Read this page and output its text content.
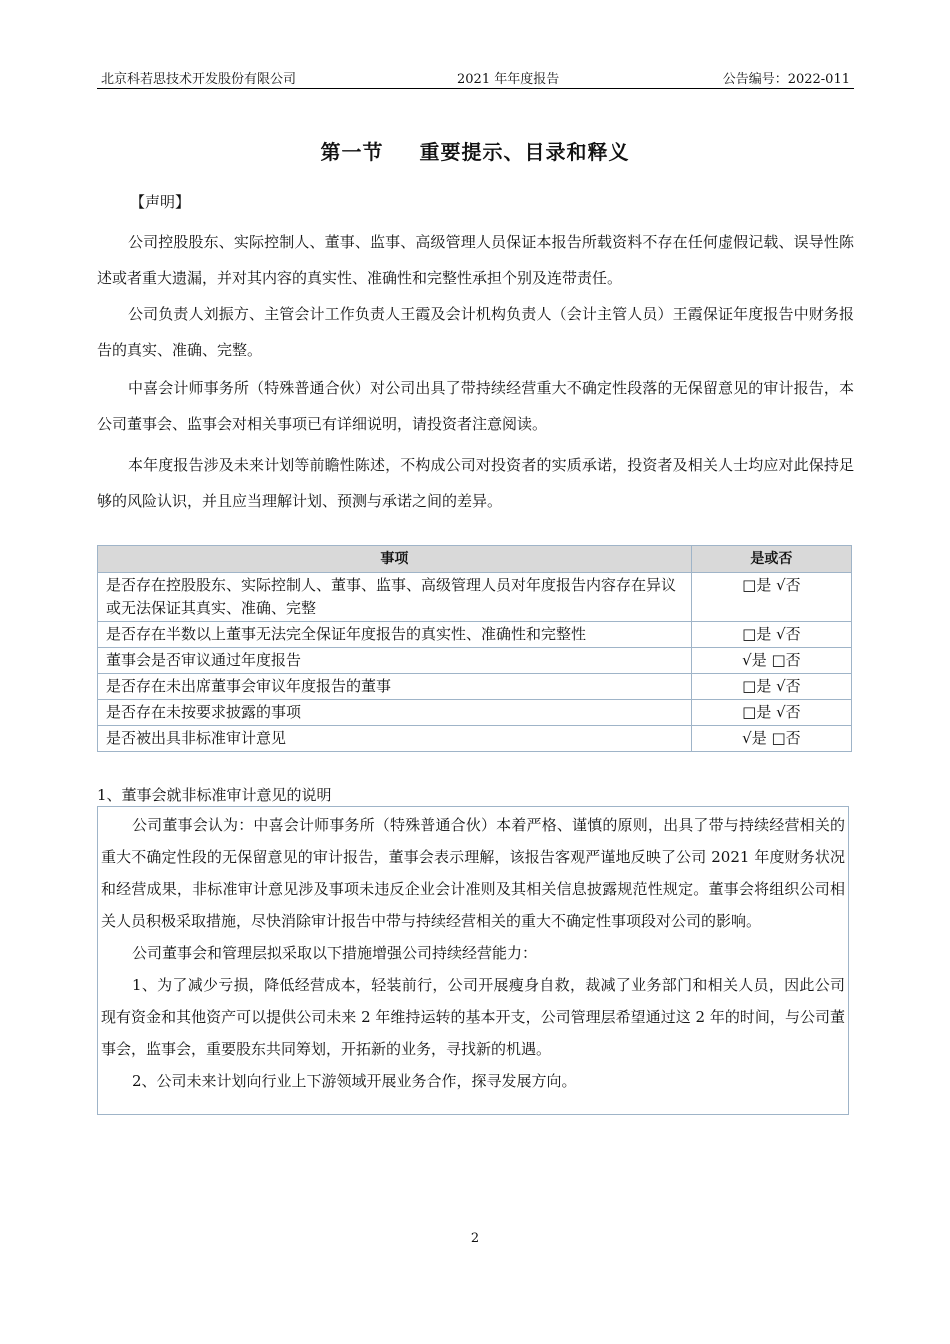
北京科若思技术开发股份有限公司	2021 年年度报告	公告编号：2022-011
第一节 重要提示、目录和释义
【声明】

公司控股股东、实际控制人、董事、监事、高级管理人员保证本报告所载资料不存在任何虚假记载、误导性陈述或者重大遗漏，并对其内容的真实性、准确性和完整性承担个别及连带责任。

公司负责人刘振方、主管会计工作负责人王霞及会计机构负责人（会计主管人员）王霞保证年度报告中财务报告的真实、准确、完整。

中喜会计师事务所（特殊普通合伙）对公司出具了带持续经营重大不确定性段落的无保留意见的审计报告，本公司董事会、监事会对相关事项已有详细说明，请投资者注意阅读。

本年度报告涉及未来计划等前瞻性陈述，不构成公司对投资者的实质承诺，投资者及相关人士均应对此保持足够的风险认识，并且应当理解计划、预测与承诺之间的差异。

事项	是或否
是否存在控股股东、实际控制人、董事、监事、高级管理人员对年度报告内容存在异议或无法保证其真实、准确、完整	□是 √否
是否存在半数以上董事无法完全保证年度报告的真实性、准确性和完整性	□是 √否
董事会是否审议通过年度报告	√是 □否
是否存在未出席董事会审议年度报告的董事	□是 √否
是否存在未按要求披露的事项	□是 √否
是否被出具非标准审计意见	√是 □否
1、董事会就非标准审计意见的说明

公司董事会认为：中喜会计师事务所（特殊普通合伙）本着严格、谨慎的原则，出具了带与持续经营相关的重大不确定性段的无保留意见的审计报告，董事会表示理解，该报告客观严谨地反映了公司 2021 年度财务状况和经营成果，非标准审计意见涉及事项未违反企业会计准则及其相关信息披露规范性规定。董事会将组织公司相关人员积极采取措施，尽快消除审计报告中带与持续经营相关的重大不确定性事项段对公司的影响。

公司董事会和管理层拟采取以下措施增强公司持续经营能力：

1、为了减少亏损，降低经营成本，轻装前行，公司开展瘦身自救，裁减了业务部门和相关人员，因此公司现有资金和其他资产可以提供公司未来 2 年维持运转的基本开支，公司管理层希望通过这 2 年的时间，与公司董事会，监事会，重要股东共同筹划，开拓新的业务，寻找新的机遇。

2、公司未来计划向行业上下游领域开展业务合作，探寻发展方向。

2
